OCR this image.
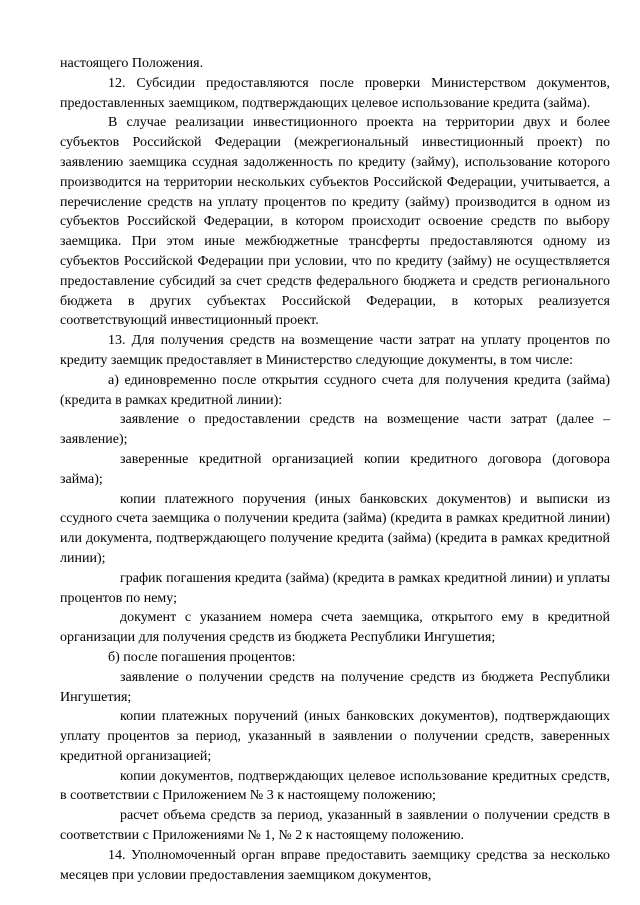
настоящего Положения.

12. Субсидии предоставляются после проверки Министерством документов, предоставленных заемщиком, подтверждающих целевое использование кредита (займа).

В случае реализации инвестиционного проекта на территории двух и более субъектов Российской Федерации (межрегиональный инвестиционный проект) по заявлению заемщика ссудная задолженность по кредиту (займу), использование которого производится на территории нескольких субъектов Российской Федерации, учитывается, а перечисление средств на уплату процентов по кредиту (займу) производится в одном из субъектов Российской Федерации, в котором происходит освоение средств по выбору заемщика. При этом иные межбюджетные трансферты предоставляются одному из субъектов Российской Федерации при условии, что по кредиту (займу) не осуществляется предоставление субсидий за счет средств федерального бюджета и средств регионального бюджета в других субъектах Российской Федерации, в которых реализуется соответствующий инвестиционный проект.

13. Для получения средств на возмещение части затрат на уплату процентов по кредиту заемщик предоставляет в Министерство следующие документы, в том числе:

а) единовременно после открытия ссудного счета для получения кредита (займа) (кредита в рамках кредитной линии):

заявление о предоставлении средств на возмещение части затрат (далее – заявление);

заверенные кредитной организацией копии кредитного договора (договора займа);

копии платежного поручения (иных банковских документов) и выписки из ссудного счета заемщика о получении кредита (займа) (кредита в рамках кредитной линии) или документа, подтверждающего получение кредита (займа) (кредита в рамках кредитной линии);

график погашения кредита (займа) (кредита в рамках кредитной линии) и уплаты процентов по нему;

документ с указанием номера счета заемщика, открытого ему в кредитной организации для получения средств из бюджета Республики Ингушетия;

б) после погашения процентов:

заявление о получении средств на получение средств из бюджета Республики Ингушетия;

копии платежных поручений (иных банковских документов), подтверждающих уплату процентов за период, указанный в заявлении о получении средств, заверенных кредитной организацией;

копии документов, подтверждающих целевое использование кредитных средств, в соответствии с Приложением № 3 к настоящему положению;

расчет объема средств за период, указанный в заявлении о получении средств в соответствии с Приложениями № 1, № 2 к настоящему положению.

14. Уполномоченный орган вправе предоставить заемщику средства за несколько месяцев при условии предоставления заемщиком документов,
